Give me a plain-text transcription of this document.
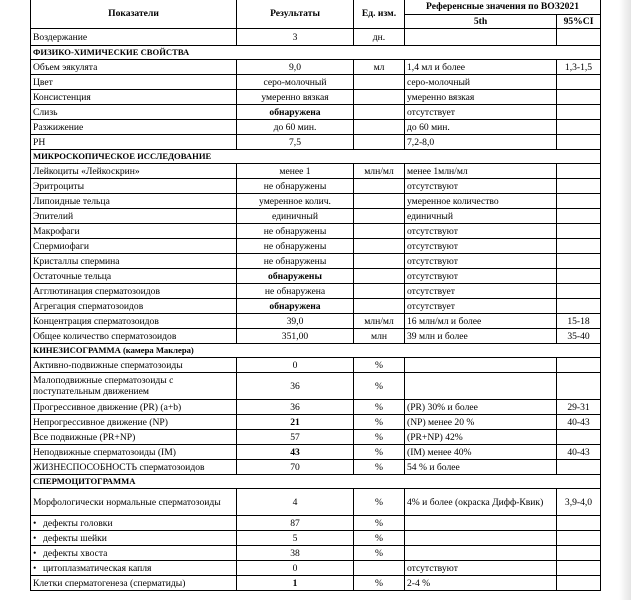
Показатели	Результаты	Ед. изм.	Референсные значения по ВОЗ2021	
			5th	95%CI
Воздержание	3	дн.		
ФИЗИКО-ХИМИЧЕСКИЕ СВОЙСТВА				
Объем эякулята	9,0	мл	1,4 мл и более	1,3-1,5
Цвет	серо-молочный		серо-молочный	
Консистенция	умеренно вязкая		умеренно вязкая	
Слизь	обнаружена		отсутствует	
Разжижение	до 60 мин.		до 60 мин.	
PH	7,5		7,2-8,0	
МИКРОСКОПИЧЕСКОЕ ИССЛЕДОВАНИЕ				
Лейкоциты «Лейкоскрин»	менее 1	млн/мл	менее 1млн/мл	
Эритроциты	не обнаружены		отсутствуют	
Липоидные тельца	умеренное колич.		умеренное количество	
Эпителий	единичный		единичный	
Макрофаги	не обнаружены		отсутствуют	
Спермиофаги	не обнаружены		отсутствуют	
Кристаллы спермина	не обнаружены		отсутствуют	
Остаточные тельца	обнаружены		отсутствуют	
Агглютинация сперматозоидов	не обнаружена		отсутствует	
Агрегация сперматозоидов	обнаружена		отсутствует	
Концентрация сперматозоидов	39,0	млн/мл	16 млн/мл и более	15-18
Общее количество сперматозоидов	351,00	млн	39 млн и более	35-40
КИНЕЗИСОГРАММА (камера Маклера)				
Активно-подвижные сперматозоиды	0	%		
Малоподвижные сперматозоиды с поступательным движением	36	%		
Прогрессивное движение (PR) (a+b)	36	%	(PR) 30% и более	29-31
Непрогрессивное движение (NP)	21	%	(NP) менее 20 %	40-43
Все подвижные (PR+NP)	57	%	(PR+NP) 42%	
Неподвижные сперматозоиды (IM)	43	%	(IM) менее 40%	40-43
ЖИЗНЕСПОСОБНОСТЬ сперматозоидов	70	%	54 % и более	
СПЕРМОЦИТОГРАММА				
Морфологически нормальные сперматозоиды	4	%	4% и более (окраска Дифф-Квик)	3,9-4,0
• дефекты головки	87	%		
• дефекты шейки	5	%		
• дефекты хвоста	38	%		
• цитоплазматическая капля	0		отсутствуют	
Клетки сперматогенеза (сперматиды)	1	%	2-4 %	
